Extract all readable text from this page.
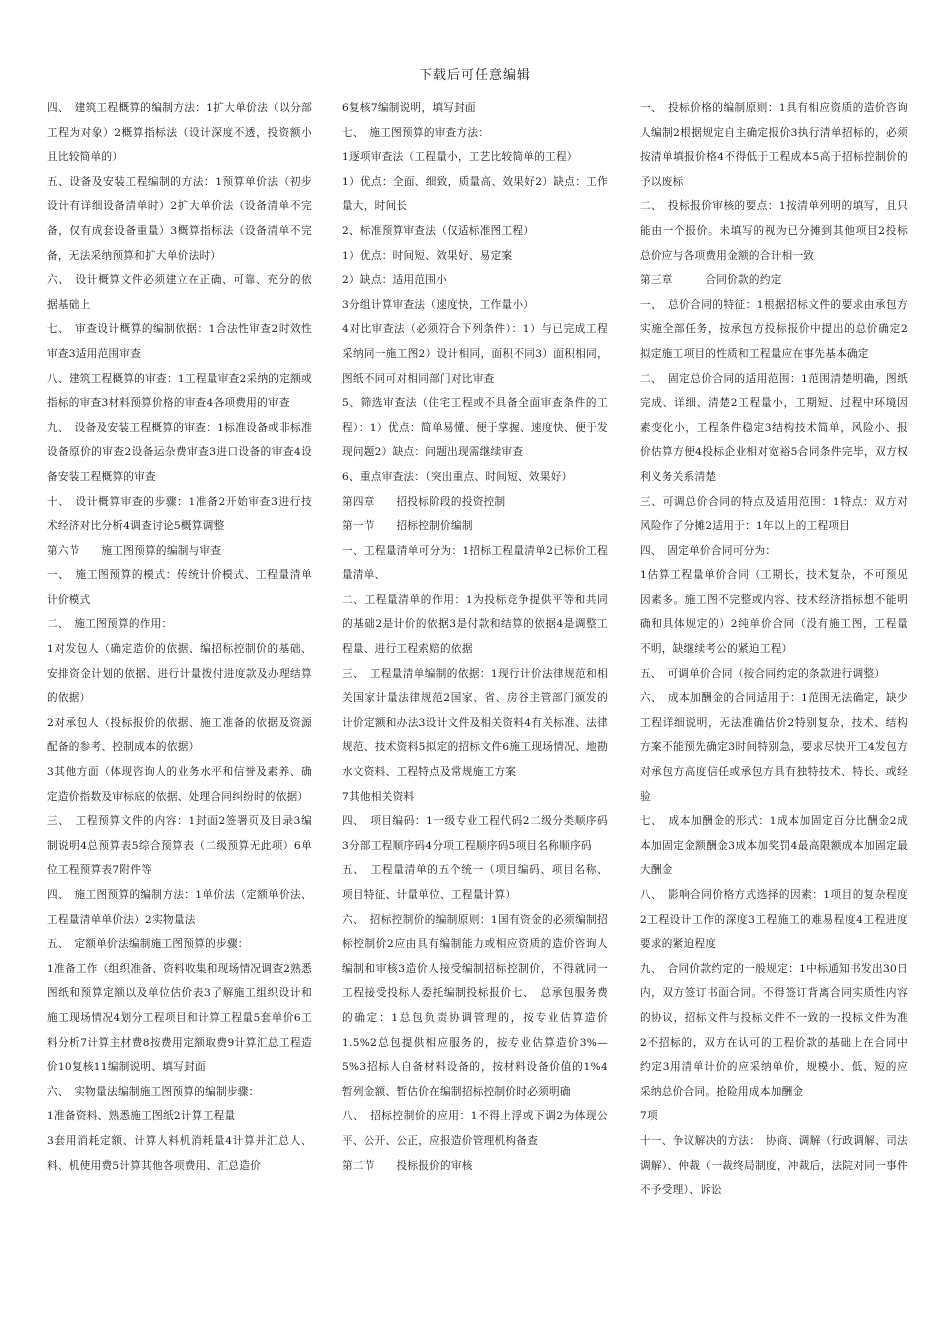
下载后可任意编辑

四、　建筑工程概算的编制方法：1扩大单价法（以分部工程为对象）2概算指标法（设计深度不透，投资额小且比较简单的）

五、设备及安装工程编制的方法：1预算单价法（初步设计有详细设备清单时）2扩大单价法（设备清单不完备，仅有成套设备重量）3概算指标法（设备清单不完备，无法采纳预算和扩大单价法时）

六、　设计概算文件必须建立在正确、可靠、充分的依据基础上

七、　审查设计概算的编制依据：1合法性审查2时效性审查3适用范围审查

八、建筑工程概算的审查：1工程量审查2采纳的定额或指标的审查3材料预算价格的审查4各项费用的审查

九、　设备及安装工程概算的审查：1标准设备或非标准设备原价的审查2设备运杂费审查3进口设备的审查4设备安装工程概算的审查

十、　设计概算审查的步骤：1准备2开始审查3进行技术经济对比分析4调查讨论5概算调整

第六节　　施工图预算的编制与审查

一、　施工图预算的模式：传统计价模式、工程量清单计价模式

二、　施工图预算的作用：

1对发包人（确定造价的依据、编招标控制价的基础、安排资金计划的依据、进行计量拨付进度款及办理结算的依据）

2对承包人（投标报价的依据、施工准备的依据及资源配备的参考、控制成本的依据）

3其他方面（体现咨询人的业务水平和信誉及素养、确定造价指数及审标底的依据、处理合同纠纷时的依据）

三、　工程预算文件的内容：1封面2签署页及目录3编制说明4总预算表5综合预算表（二级预算无此项）6单位工程预算表7附件等

四、　施工图预算的编制方法：1单价法（定额单价法、工程量清单单价法）2实物量法

五、　定额单价法编制施工图预算的步骤：

1准备工作（组织准备、资料收集和现场情况调查2熟悉图纸和预算定额以及单位估价表3了解施工组织设计和施工现场情况4划分工程项目和计算工程量5套单价6工料分析7计算主材费8按费用定额取费9计算汇总工程造价10复核11编制说明、填写封面

六、　实物量法编制施工图预算的编制步骤：

1准备资料、熟悉施工图纸2计算工程量

3套用消耗定额、计算人料机消耗量4计算并汇总人、料、机使用费5计算其他各项费用、汇总造价

6复核7编制说明，填写封面

七、　施工图预算的审查方法：

1逐项审查法（工程量小，工艺比较简单的工程）

1）优点：全面、细致，质量高、效果好2）缺点：工作量大，时间长

2、标准预算审查法（仅适标准图工程）

1）优点：时间短、效果好、易定案

2）缺点：适用范围小

3分组计算审查法（速度快，工作量小）

4对比审查法（必须符合下列条件）：1）与已完成工程采纳同一施工图2）设计相同，面积不同3）面积相同，图纸不同可对相同部门对比审查

5、筛选审查法（住宅工程或不具备全面审查条件的工程）：1）优点：简单易懂、便于掌握、速度快、便于发现问题2）缺点：问题出现需继续审查

6、重点审查法：（突出重点、时间短、效果好）

第四章　　招投标阶段的投资控制

第一节　　招标控制价编制

一、工程量清单可分为：1招标工程量清单2已标价工程量清单、

二、工程量清单的作用：1为投标竞争提供平等和共同的基础2是计价的依据3是付款和结算的依据4是调整工程量、进行工程索赔的依据

三、　工程量清单编制的依据：1现行计价法律规范和相关国家计量法律规范2国家、省、房谷主管部门颁发的计价定额和办法3设计文件及相关资料4有关标准、法律规范、技术资料5拟定的招标文件6施工现场情况、地勘水文资料、工程特点及常规施工方案

7其他相关资料

四、　项目编码：1一级专业工程代码2二级分类顺序码3分部工程顺序码4分项工程顺序码5项目名称顺序码

五、　工程量清单的五个统一（项目编码、项目名称、项目特征、计量单位、工程量计算）

六、　招标控制价的编制原则：1国有资金的必须编制招标控制价2应由具有编制能力或相应资质的造价咨询人编制和审核3造价人接受编制招标控制价，不得就同一工程接受投标人委托编制投标报价七、　总承包服务费的确定：1总包负责协调管理的，按专业估算造价1.5%2总包提供相应服务的，按专业估算造价3%—5%3招标人自备材料设备的，按材料设备价值的1%4暂列金额、暂估价在编制招标控制价时必须明确

八、　招标控制价的应用：1不得上浮或下调2为体现公平、公开、公正，应报造价管理机构备查

第二节　　投标报价的审核

一、　投标价格的编制原则：1具有相应资质的造价咨询人编制2根据规定自主确定报价3执行清单招标的，必须按清单填报价格4不得低于工程成本5高于招标控制价的予以废标

二、　投标报价审核的要点：1按清单列明的填写，且只能由一个报价。未填写的视为已分摊到其他项目2投标总价应与各项费用金额的合计相一致

第三章　　　合同价款的约定

一、　总价合同的特征：1根据招标文件的要求由承包方实施全部任务，按承包方投标报价中提出的总价确定2拟定施工项目的性质和工程量应在事先基本确定

二、　固定总价合同的适用范围：1范围清楚明确，图纸完成、详细、清楚2工程量小，工期短、过程中环境因素变化小，工程条件稳定3结构技术简单，风险小、报价估算方便4投标企业相对宽裕5合同条件完毕，双方权利义务关系清楚

三、可调总价合同的特点及适用范围：1特点：双方对风险作了分摊2适用于：1年以上的工程项目

四、　固定单价合同可分为：

1估算工程量单价合同（工期长，技术复杂，不可预见因素多。施工图不完整或内容、技术经济指标想不能明确和具体规定的）2纯单价合同（没有施工图，工程量不明，缺继续考公的紧迫工程）

五、　可调单价合同（按合同约定的条款进行调整）

六、　成本加酬金的合同适用于：1范围无法确定，缺少工程详细说明，无法准确估价2特别复杂，技术、结构方案不能预先确定3时间特别急，要求尽快开工4发包方对承包方高度信任或承包方具有独特技术、特长、或经验

七、　成本加酬金的形式：1成本加固定百分比酬金2成本加固定金额酬金3成本加奖罚4最高限额成本加固定最大酬金

八、　影响合同价格方式选择的因素：1项目的复杂程度2工程设计工作的深度3工程施工的难易程度4工程进度要求的紧迫程度

九、　合同价款约定的一般规定：1中标通知书发出30日内，双方签订书面合同。不得签订背离合同实质性内容的协议，招标文件与投标文件不一致的一投标文件为准2不招标的，双方在认可的工程价款的基础上在合同中约定3用清单计价的应采纳单价，规模小、低、短的应采纳总价合同。抢险用成本加酬金

7项

十一、争议解决的方法：　协商、调解（行政调解、司法调解）、仲裁（一裁终局制度，冲裁后，法院对同一事件不予受理）、诉讼
